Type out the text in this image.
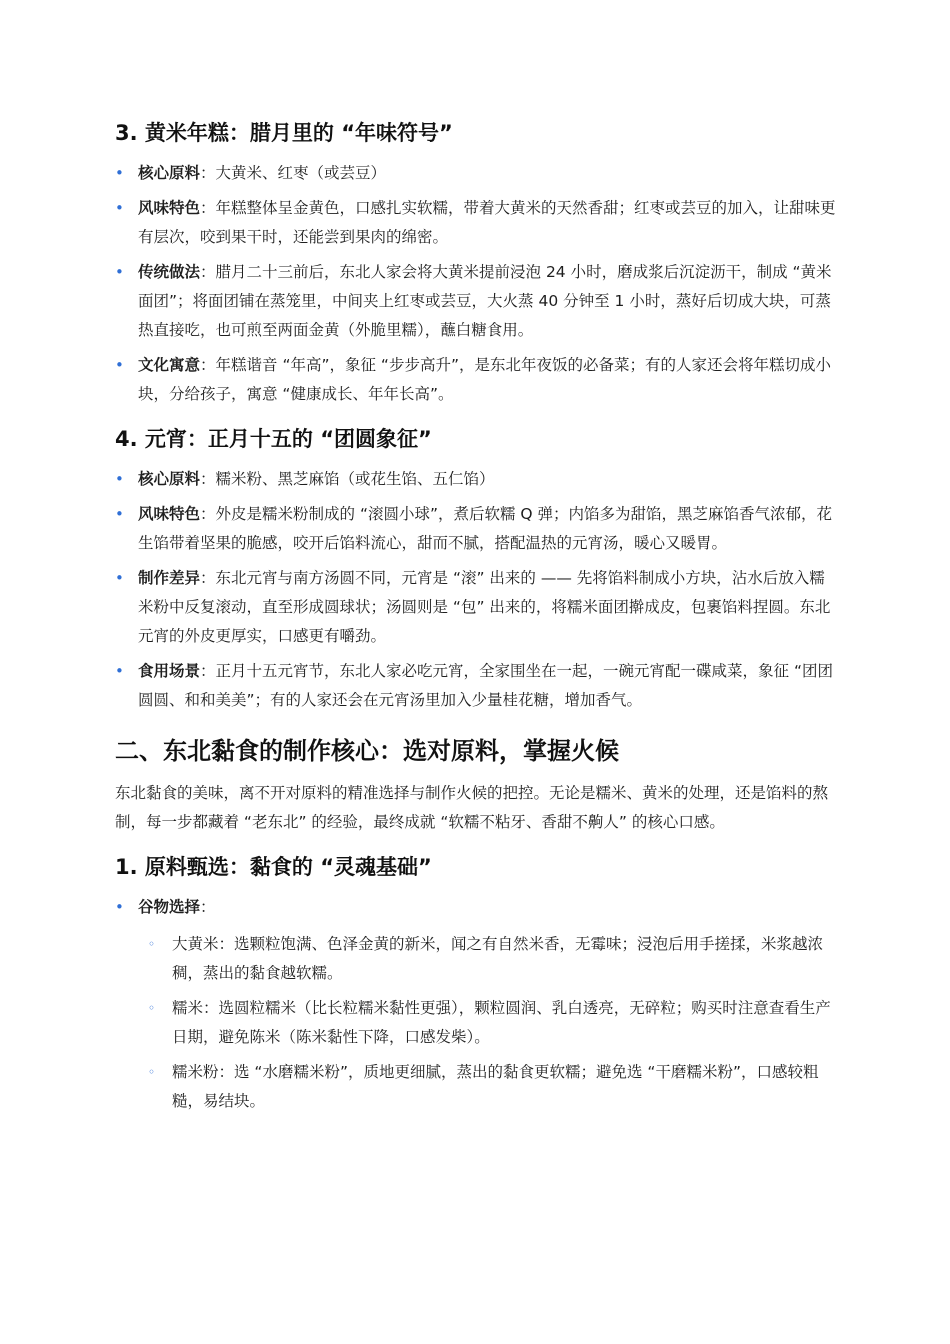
3. 黄米年糕：腊月里的 “年味符号”
• 核心原料：大黄米、红枣（或芸豆）
• 风味特色：年糕整体呈金黄色，口感扎实软糯，带着大黄米的天然香甜；红枣或芸豆的加入，让甜味更有层次，咬到果干时，还能尝到果肉的绵密。
• 传统做法：腊月二十三前后，东北人家会将大黄米提前浸泡 24 小时，磨成浆后沉淀沥干，制成 “黄米面团”；将面团铺在蒸笼里，中间夹上红枣或芸豆，大火蒸 40 分钟至 1 小时，蒸好后切成大块，可蒸热直接吃，也可煎至两面金黄（外脆里糯），蘸白糖食用。
• 文化寓意：年糕谐音 “年高”，象征 “步步高升”，是东北年夜饭的必备菜；有的人家还会将年糕切成小块，分给孩子，寓意 “健康成长、年年长高”。
4. 元宵：正月十五的 “团圆象征”
• 核心原料：糯米粉、黑芝麻馅（或花生馅、五仁馅）
• 风味特色：外皮是糯米粉制成的 “滚圆小球”，煮后软糯 Q 弹；内馅多为甜馅，黑芝麻馅香气浓郁，花生馅带着坚果的脆感，咬开后馅料流心，甜而不腻，搭配温热的元宵汤，暖心又暖胃。
• 制作差异：东北元宵与南方汤圆不同，元宵是 “滚” 出来的 —— 先将馅料制成小方块，沾水后放入糯米粉中反复滚动，直至形成圆球状；汤圆则是 “包” 出来的，将糯米面团擀成皮，包裹馅料捏圆。东北元宵的外皮更厚实，口感更有嚼劲。
• 食用场景：正月十五元宵节，东北人家必吃元宵，全家围坐在一起，一碗元宵配一碟咸菜，象征 “团团圆圆、和和美美”；有的人家还会在元宵汤里加入少量桂花糖，增加香气。
二、东北黏食的制作核心：选对原料，掌握火候

东北黏食的美味，离不开对原料的精准选择与制作火候的把控。无论是糯米、黄米的处理，还是馅料的熬制，每一步都藏着 “老东北” 的经验，最终成就 “软糯不粘牙、香甜不齁人” 的核心口感。

1. 原料甄选：黏食的 “灵魂基础”
• 谷物选择：
◦ 大黄米：选颗粒饱满、色泽金黄的新米，闻之有自然米香，无霉味；浸泡后用手搓揉，米浆越浓稠，蒸出的黏食越软糯。
◦ 糯米：选圆粒糯米（比长粒糯米黏性更强），颗粒圆润、乳白透亮，无碎粒；购买时注意查看生产日期，避免陈米（陈米黏性下降，口感发柴）。
◦ 糯米粉：选 “水磨糯米粉”，质地更细腻，蒸出的黏食更软糯；避免选 “干磨糯米粉”，口感较粗糙，易结块。
